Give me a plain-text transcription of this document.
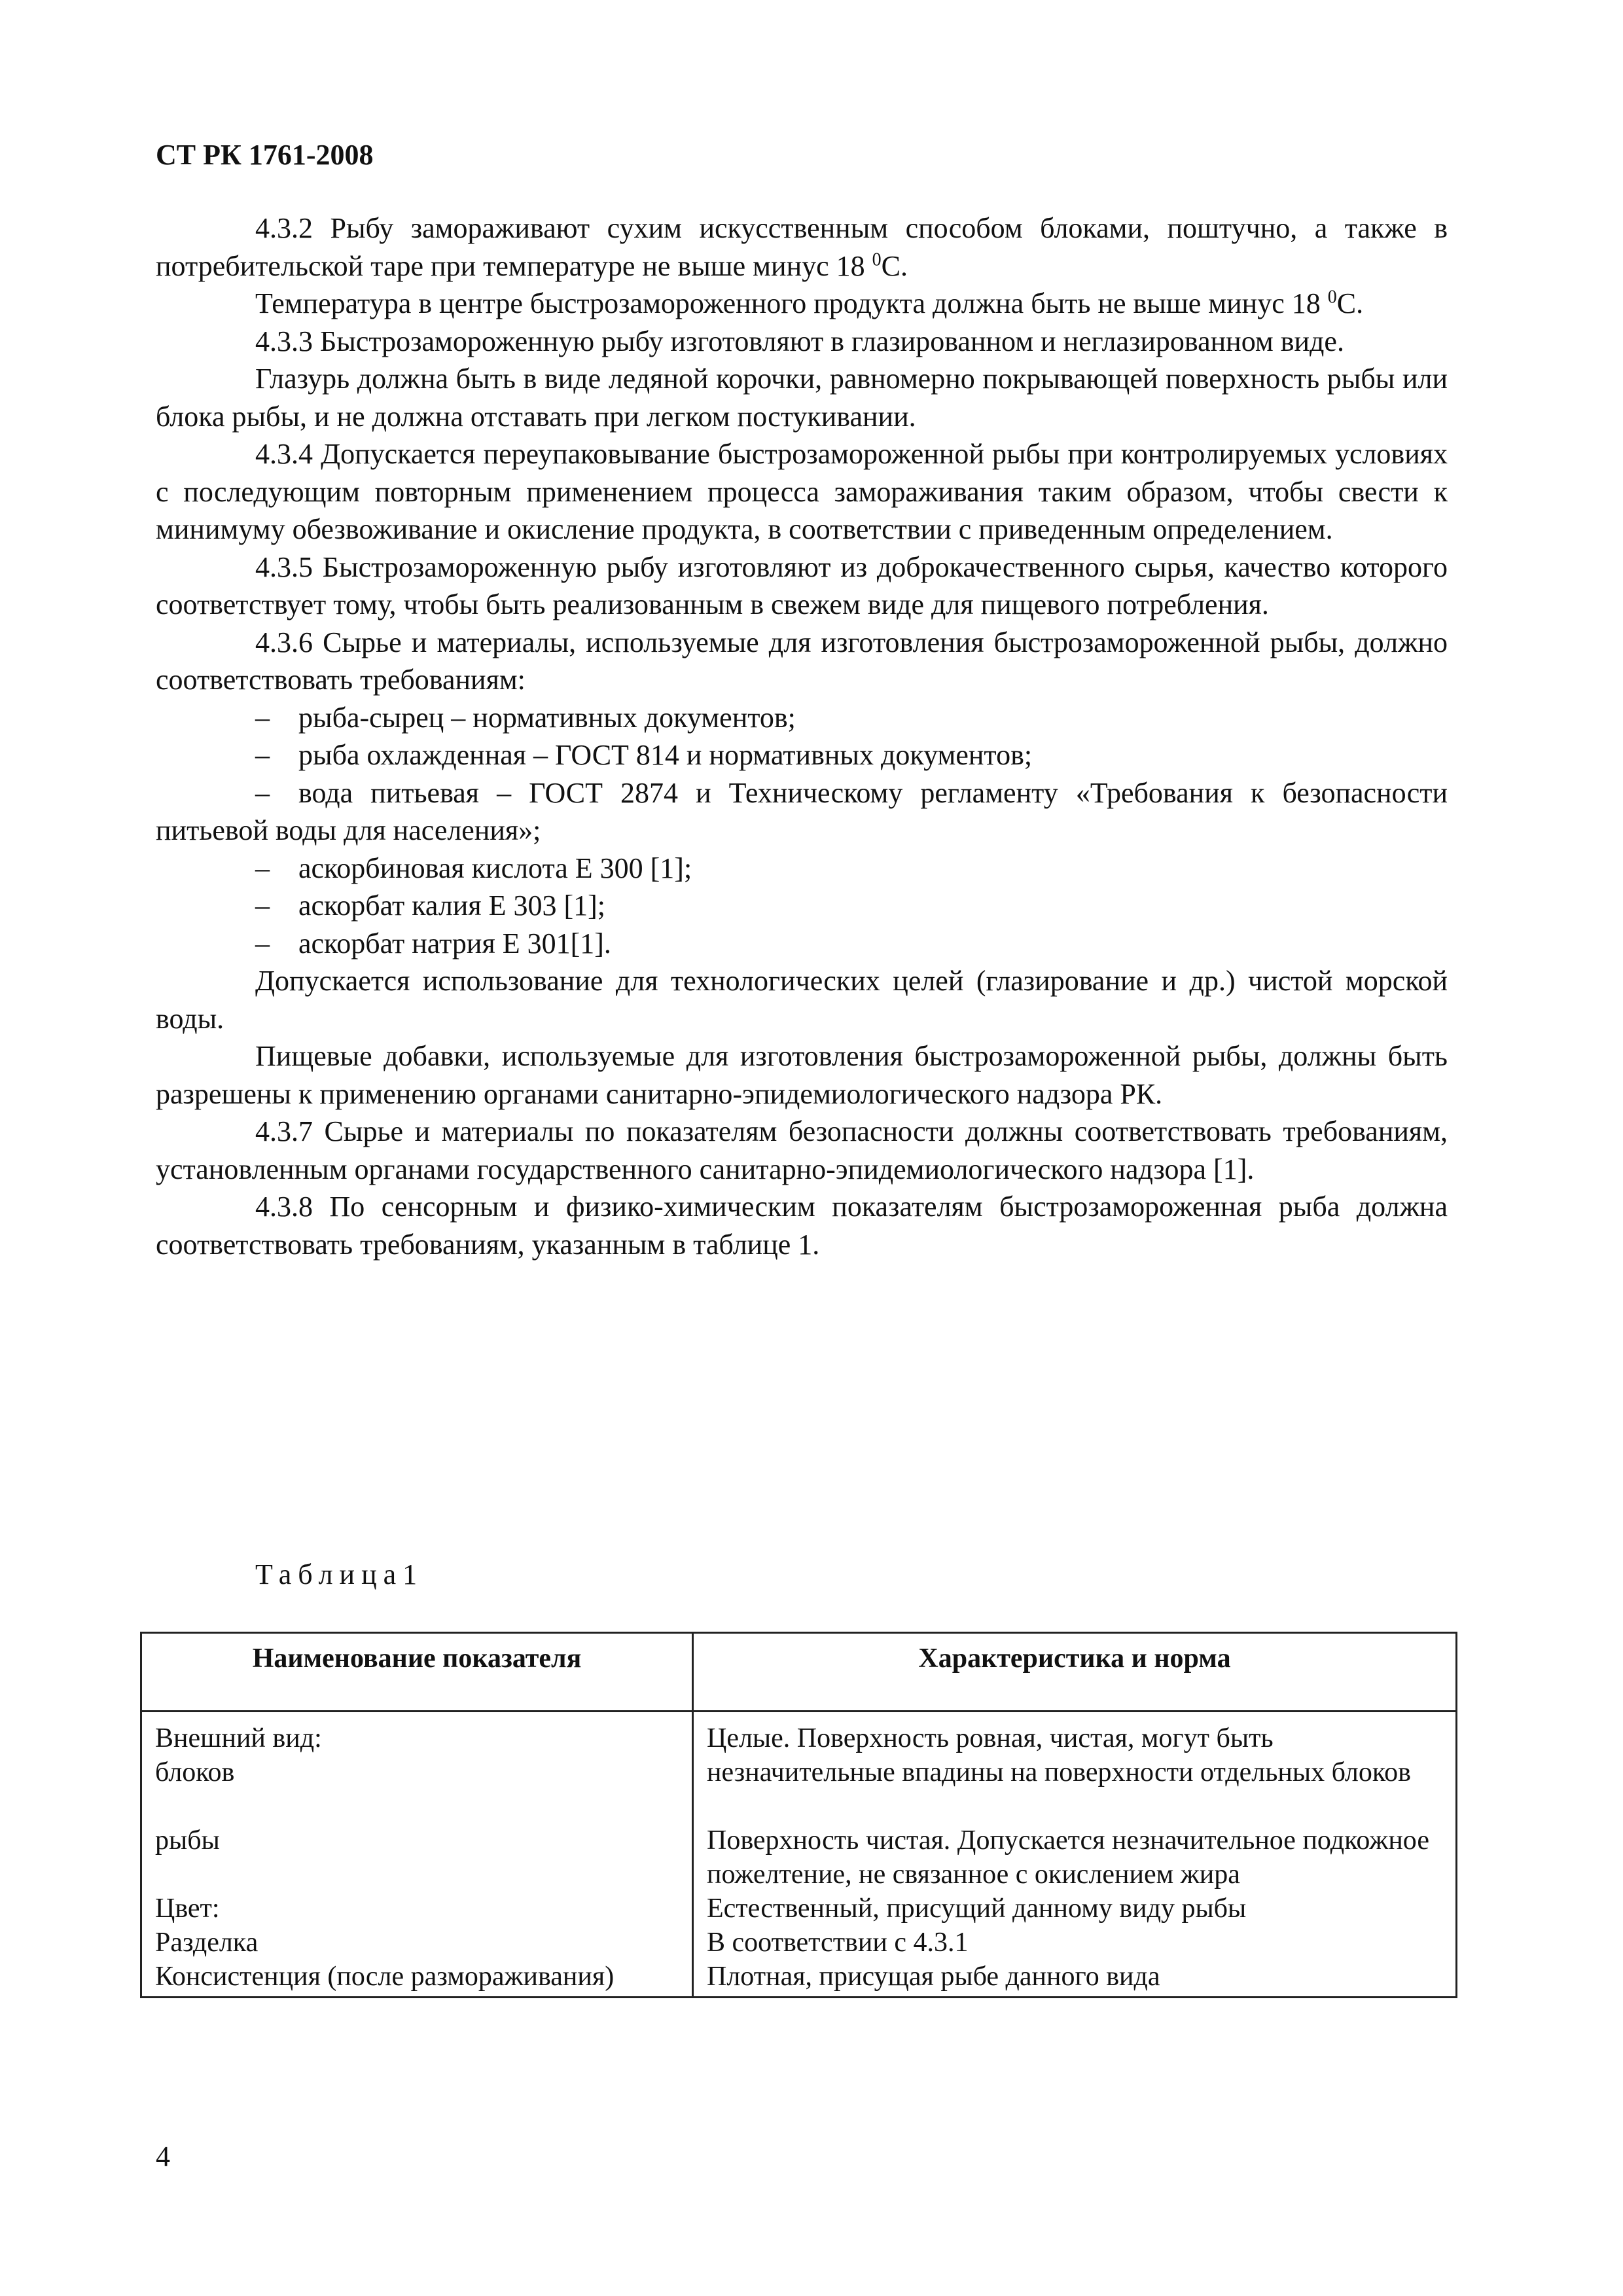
СТ РК 1761-2008

4.3.2 Рыбу замораживают сухим искусственным способом блоками, поштучно, а также в потребительской таре при температуре не выше минус 18 $^0$С.

Температура в центре быстрозамороженного продукта должна быть не выше минус 18 $^0$С.

4.3.3 Быстрозамороженную рыбу изготовляют в глазированном и неглазированном виде.

Глазурь должна быть в виде ледяной корочки, равномерно покрывающей поверхность рыбы или блока рыбы, и не должна отставать при легком постукивании.

4.3.4 Допускается переупаковывание быстрозамороженной рыбы при контролируемых условиях с последующим повторным применением процесса замораживания таким образом, чтобы свести к минимуму обезвоживание и окисление продукта, в соответствии с приведенным определением.

4.3.5 Быстрозамороженную рыбу изготовляют из доброкачественного сырья, качество которого соответствует тому, чтобы быть реализованным в свежем виде для пищевого потребления.

4.3.6 Сырье и материалы, используемые для изготовления быстрозамороженной рыбы, должно соответствовать требованиям:

– рыба-сырец – нормативных документов;

– рыба охлажденная – ГОСТ 814 и нормативных документов;

– вода питьевая – ГОСТ 2874 и Техническому регламенту «Требования к безопасности питьевой воды для населения»;

– аскорбиновая кислота Е 300 [1];

– аскорбат калия Е 303 [1];

– аскорбат натрия Е 301[1].

Допускается использование для технологических целей (глазирование и др.) чистой морской воды.

Пищевые добавки, используемые для изготовления быстрозамороженной рыбы, должны быть разрешены к применению органами санитарно-эпидемиологического надзора РК.

4.3.7 Сырье и материалы по показателям безопасности должны соответствовать требованиям, установленным органами государственного санитарно-эпидемиологического надзора [1].

4.3.8 По сенсорным и физико-химическим показателям быстрозамороженная рыба должна соответствовать требованиям, указанным в таблице 1.

Таблица1
Наименование показателя	Характеристика и норма

Внешний вид:
блоков	Целые. Поверхность ровная, чистая, могут быть незначительные впадины на поверхности отдельных блоков

рыбы	Поверхность чистая. Допускается незначительное подкожное пожелтение, не связанное с окислением жира
Цвет:	Естественный, присущий данному виду рыбы
Разделка	В соответствии с 4.3.1
Консистенция (после размораживания)	Плотная, присущая рыбе данного вида
4
